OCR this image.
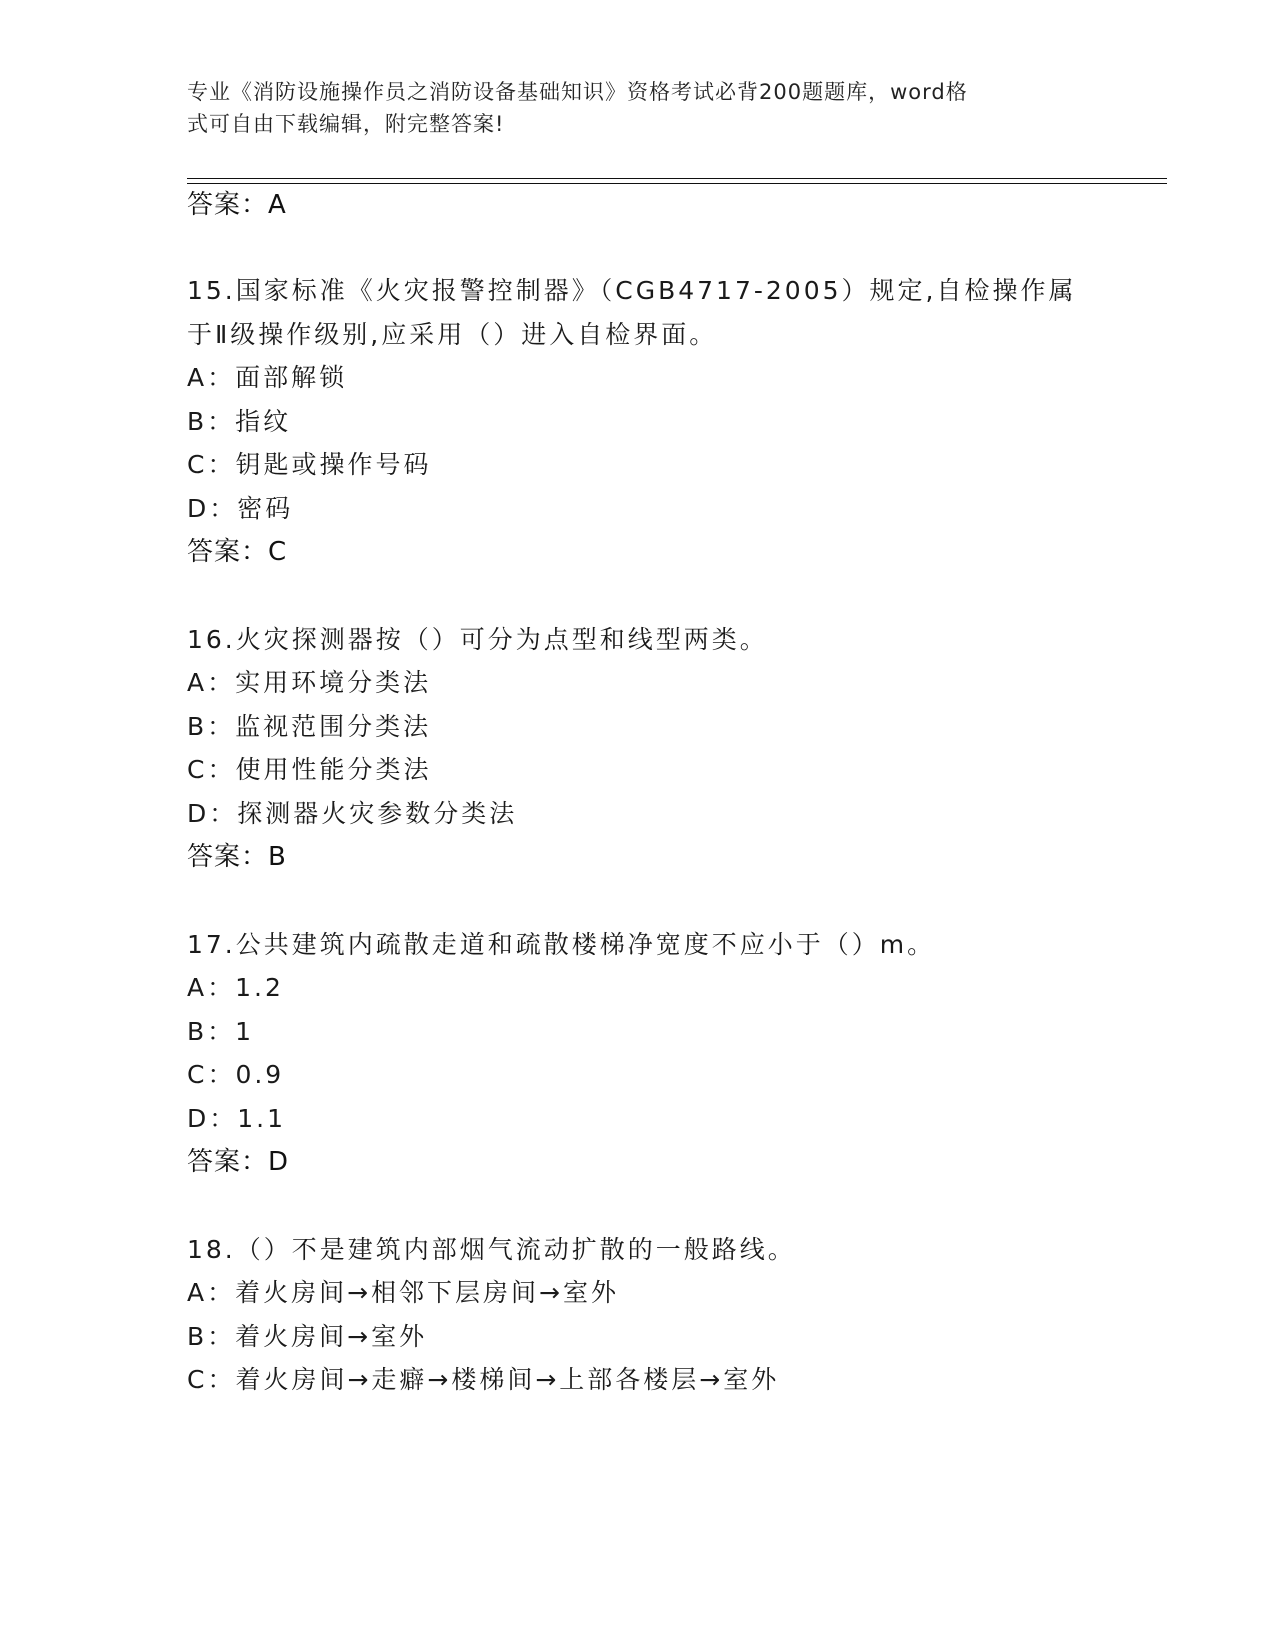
专业《消防设施操作员之消防设备基础知识》资格考试必背200题题库，word格
式可自由下载编辑，附完整答案!
答案：A
15.国家标准《火灾报警控制器》（CGB4717-2005）规定,自检操作属
于Ⅱ级操作级别,应采用（）进入自检界面。
A：面部解锁
B：指纹
C：钥匙或操作号码
D：密码
答案：C
16.火灾探测器按（）可分为点型和线型两类。
A：实用环境分类法
B：监视范围分类法
C：使用性能分类法
D：探测器火灾参数分类法
答案：B
17.公共建筑内疏散走道和疏散楼梯净宽度不应小于（）m。
A：1.2
B：1
C：0.9
D：1.1
答案：D
18.（）不是建筑内部烟气流动扩散的一般路线。
A：着火房间→相邻下层房间→室外
B：着火房间→室外
C：着火房间→走癖→楼梯间→上部各楼层→室外
